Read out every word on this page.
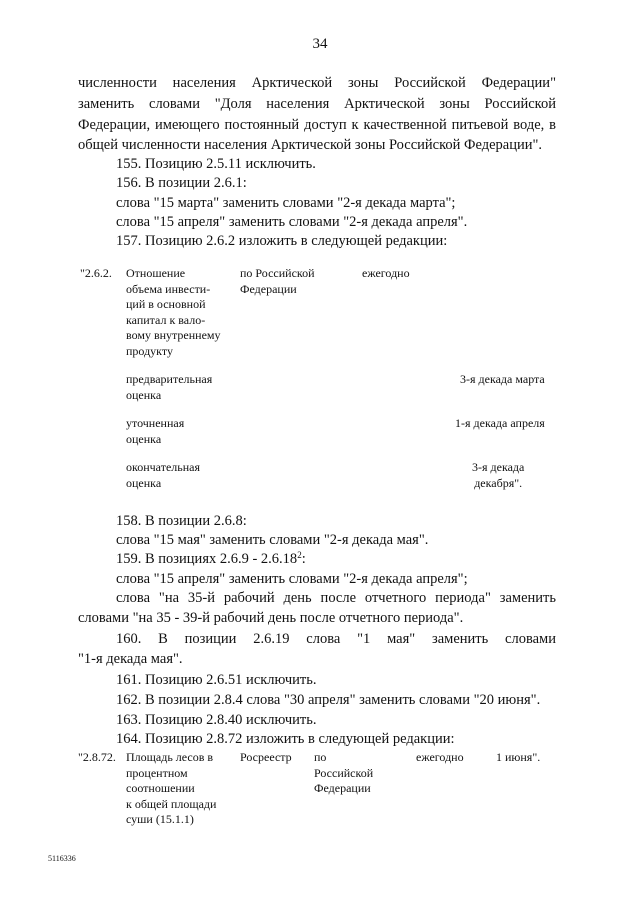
34
численности населения Арктической зоны Российской Федерации"
заменить словами "Доля населения Арктической зоны Российской
Федерации, имеющего постоянный доступ к качественной питьевой воде, в
общей численности населения Арктической зоны Российской Федерации".
155. Позицию 2.5.11 исключить.
156. В позиции 2.6.1:
слова "15 марта" заменить словами "2-я декада марта";
слова "15 апреля" заменить словами "2-я декада апреля".
157. Позицию 2.6.2 изложить в следующей редакции:
"2.6.2. Отношение
объема инвести-
ций в основной
капитал к вало-
вому внутреннему
продукту
по Российской
Федерации
ежегодно
предварительная
оценка
3-я декада марта
уточненная
оценка
1-я декада апреля
окончательная
оценка
3-я декада
декабря".
158. В позиции 2.6.8:
слова "15 мая" заменить словами "2-я декада мая".
159. В позициях 2.6.9 - 2.6.18$^2$:
слова "15 апреля" заменить словами "2-я декада апреля";
слова "на 35-й рабочий день после отчетного периода" заменить
словами "на 35 - 39-й рабочий день после отчетного периода".
160. В позиции 2.6.19 слова "1 мая" заменить словами
"1-я декада мая".
161. Позицию 2.6.51 исключить.
162. В позиции 2.8.4 слова "30 апреля" заменить словами "20 июня".
163. Позицию 2.8.40 исключить.
164. Позицию 2.8.72 изложить в следующей редакции:
"2.8.72. Площадь лесов в
процентном
соотношении
к общей площади
суши (15.1.1)
Росреестр по
Российской
Федерации
ежегодно	1 июня".
5116336
